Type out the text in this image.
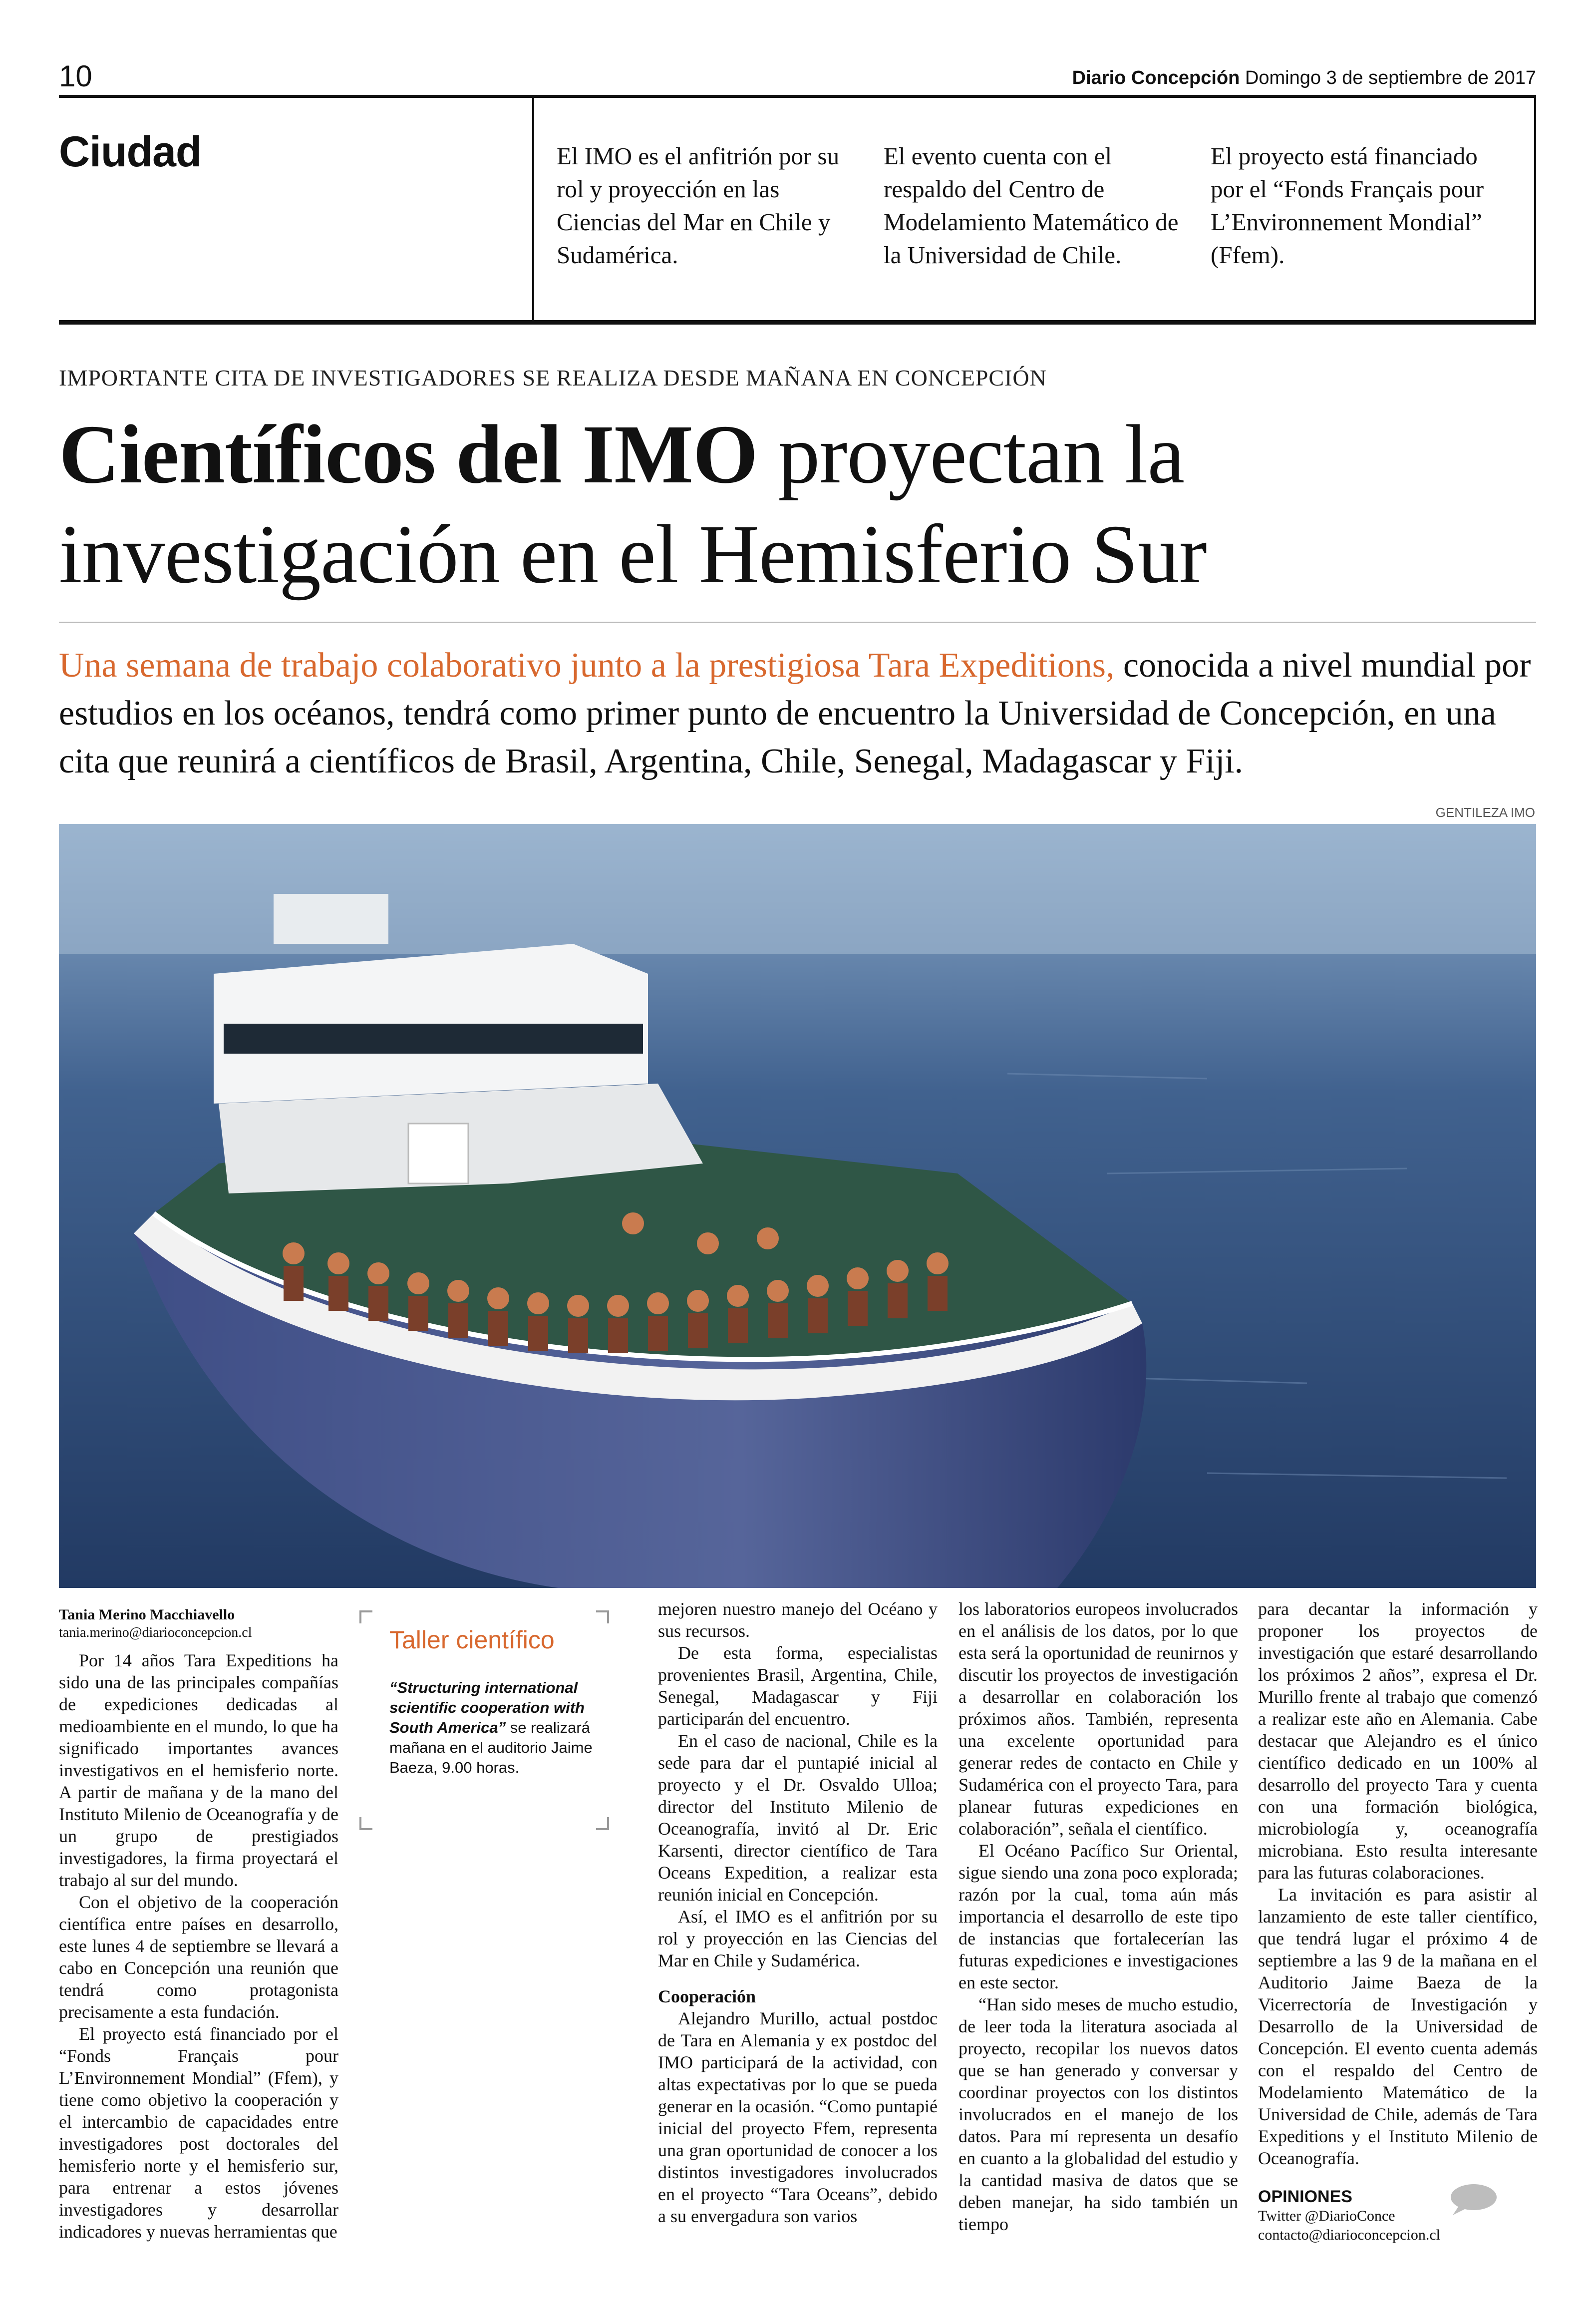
10	Diario Concepción Domingo 3 de septiembre de 2017
Ciudad	El IMO es el anfitrión por su rol y proyección en las Ciencias del Mar en Chile y Sudamérica.
El evento cuenta con el respaldo del Centro de Modelamiento Matemático de la Universidad de Chile.
El proyecto está financiado por el “Fonds Français pour L’Environnement Mondial” (Ffem).
IMPORTANTE CITA DE INVESTIGADORES SE REALIZA DESDE MAÑANA EN CONCEPCIÓN
Científicos del IMO proyectan la investigación en el Hemisferio Sur
Una semana de trabajo colaborativo junto a la prestigiosa Tara Expeditions, conocida a nivel mundial por estudios en los océanos, tendrá como primer punto de encuentro la Universidad de Concepción, en una cita que reunirá a científicos de Brasil, Argentina, Chile, Senegal, Madagascar y Fiji.
GENTILEZA IMO
Tania Merino Macchiavello
tania.merino@diarioconcepcion.cl

Por 14 años Tara Expeditions ha sido una de las principales compañías de expediciones dedicadas al medioambiente en el mundo, lo que ha significado importantes avances investigativos en el hemisferio norte. A partir de mañana y de la mano del Instituto Milenio de Oceanografía y de un grupo de prestigiados investigadores, la firma proyectará el trabajo al sur del mundo.

Con el objetivo de la cooperación científica entre países en desarrollo, este lunes 4 de septiembre se llevará a cabo en Concepción una reunión que tendrá como protagonista precisamente a esta fundación.

El proyecto está financiado por el “Fonds Français pour L’Environnement Mondial” (Ffem), y tiene como objetivo la cooperación y el intercambio de capacidades entre investigadores post doctorales del hemisferio norte y el hemisferio sur, para entrenar a estos jóvenes investigadores y desarrollar indicadores y nuevas herramientas que

Taller científico
“Structuring international scientific cooperation with South America” se realizará mañana en el auditorio Jaime Baeza, 9.00 horas.

mejoren nuestro manejo del Océano y sus recursos.

De esta forma, especialistas provenientes Brasil, Argentina, Chile, Senegal, Madagascar y Fiji participarán del encuentro.

En el caso de nacional, Chile es la sede para dar el puntapié inicial al proyecto y el Dr. Osvaldo Ulloa; director del Instituto Milenio de Oceanografía, invitó al Dr. Eric Karsenti, director científico de Tara Oceans Expedition, a realizar esta reunión inicial en Concepción.

Así, el IMO es el anfitrión por su rol y proyección en las Ciencias del Mar en Chile y Sudamérica.

Cooperación

Alejandro Murillo, actual postdoc de Tara en Alemania y ex postdoc del IMO participará de la actividad, con altas expectativas por lo que se pueda generar en la ocasión. “Como puntapié inicial del proyecto Ffem, representa una gran oportunidad de conocer a los distintos investigadores involucrados en el proyecto “Tara Oceans”, debido a su envergadura son varios

los laboratorios europeos involucrados en el análisis de los datos, por lo que esta será la oportunidad de reunirnos y discutir los proyectos de investigación a desarrollar en colaboración los próximos años. También, representa una excelente oportunidad para generar redes de contacto en Chile y Sudamérica con el proyecto Tara, para planear futuras expediciones en colaboración”, señala el científico.

El Océano Pacífico Sur Oriental, sigue siendo una zona poco explorada; razón por la cual, toma aún más importancia el desarrollo de este tipo de instancias que fortalecerían las futuras expediciones e investigaciones en este sector.

“Han sido meses de mucho estudio, de leer toda la literatura asociada al proyecto, recopilar los nuevos datos que se han generado y conversar y coordinar proyectos con los distintos involucrados en el manejo de los datos. Para mí representa un desafío en cuanto a la globalidad del estudio y la cantidad masiva de datos que se deben manejar, ha sido también un tiempo

para decantar la información y proponer los proyectos de investigación que estaré desarrollando los próximos 2 años”, expresa el Dr. Murillo frente al trabajo que comenzó a realizar este año en Alemania. Cabe destacar que Alejandro es el único científico dedicado en un 100% al desarrollo del proyecto Tara y cuenta con una formación biológica, microbiología y, oceanografía microbiana. Esto resulta interesante para las futuras colaboraciones.

La invitación es para asistir al lanzamiento de este taller científico, que tendrá lugar el próximo 4 de septiembre a las 9 de la mañana en el Auditorio Jaime Baeza de la Vicerrectoría de Investigación y Desarrollo de la Universidad de Concepción. El evento cuenta además con el respaldo del Centro de Modelamiento Matemático de la Universidad de Chile, además de Tara Expeditions y el Instituto Milenio de Oceanografía.

OPINIONES
Twitter @DiarioConce
contacto@diarioconcepcion.cl
